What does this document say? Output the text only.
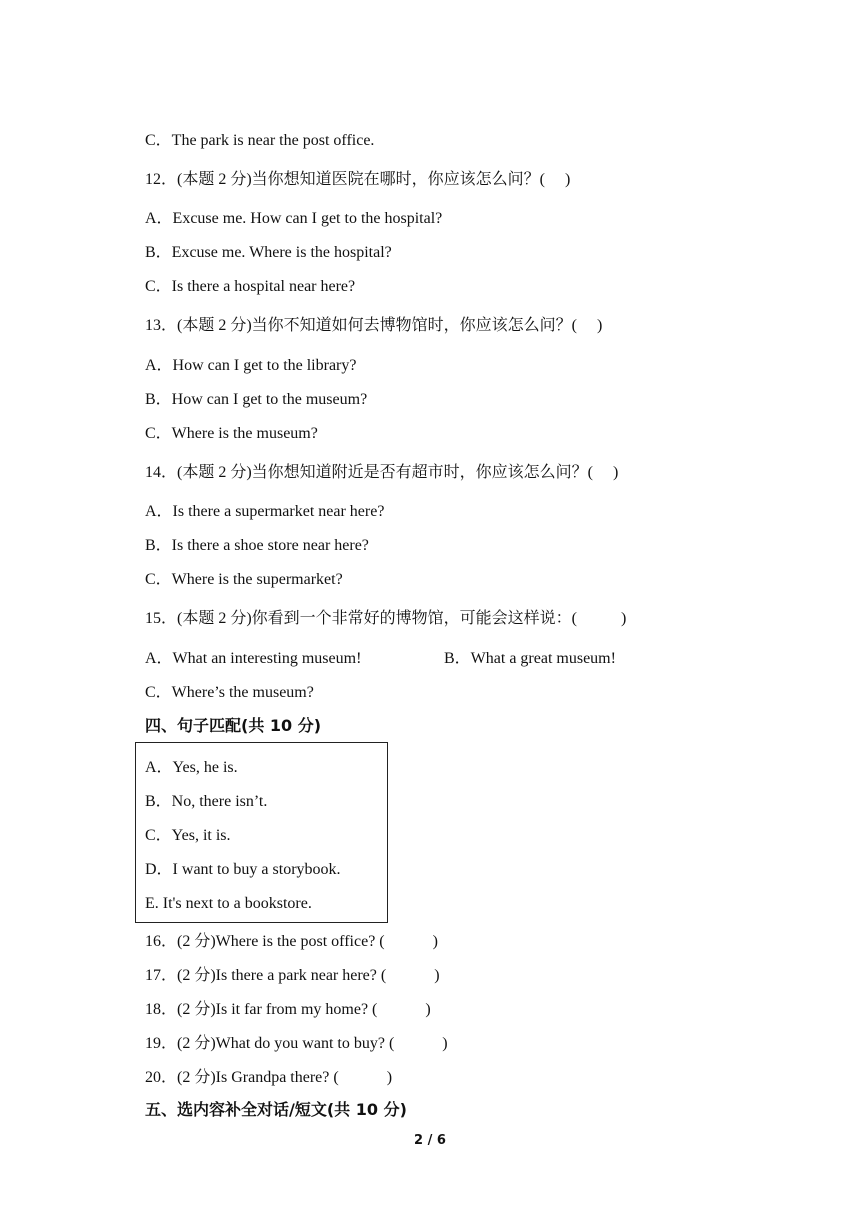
C．The park is near the post office.
12．(本题 2 分)当你想知道医院在哪时，你应该怎么问？(     )
A．Excuse me. How can I get to the hospital?
B．Excuse me. Where is the hospital?
C．Is there a hospital near here?
13．(本题 2 分)当你不知道如何去博物馆时，你应该怎么问？(     )
A．How can I get to the library?
B．How can I get to the museum?
C．Where is the museum?
14．(本题 2 分)当你想知道附近是否有超市时，你应该怎么问？(     )
A．Is there a supermarket near here?
B．Is there a shoe store near here?
C．Where is the supermarket?
15．(本题 2 分)你看到一个非常好的博物馆，可能会这样说：(           )
A．What an interesting museum!	B．What a great museum!
C．Where’s the museum?
四、句子匹配(共 10 分)
A．Yes, he is.
B．No, there isn’t.
C．Yes, it is.
D．I want to buy a storybook.
E. It's next to a bookstore.
16．(2 分)Where is the post office? (            )
17．(2 分)Is there a park near here? (            )
18．(2 分)Is it far from my home? (            )
19．(2 分)What do you want to buy? (            )
20．(2 分)Is Grandpa there? (            )
五、选内容补全对话/短文(共 10 分)
2 / 6
